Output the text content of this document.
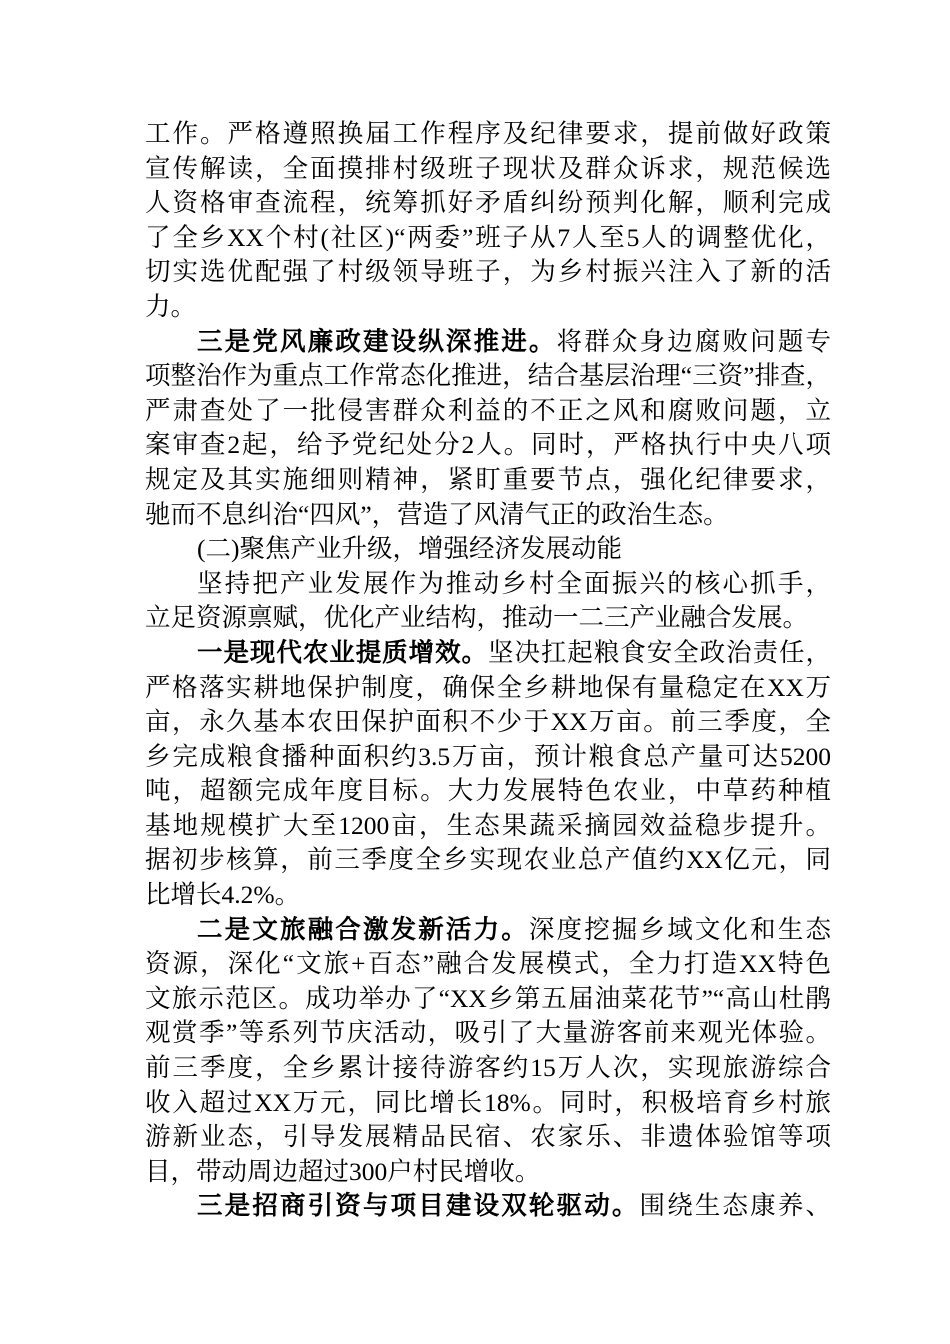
工作。严格遵照换届工作程序及纪律要求，提前做好政策
宣传解读，全面摸排村级班子现状及群众诉求，规范候选
人资格审查流程，统筹抓好矛盾纠纷预判化解，顺利完成
了全乡XX个村(社区)“两委”班子从7人至5人的调整优化，
切实选优配强了村级领导班子，为乡村振兴注入了新的活
力。
三是党风廉政建设纵深推进。将群众身边腐败问题专
项整治作为重点工作常态化推进，结合基层治理“三资”排查，
严肃查处了一批侵害群众利益的不正之风和腐败问题，立
案审查2起，给予党纪处分2人。同时，严格执行中央八项
规定及其实施细则精神，紧盯重要节点，强化纪律要求，
驰而不息纠治“四风”，营造了风清气正的政治生态。
(二)聚焦产业升级，增强经济发展动能
坚持把产业发展作为推动乡村全面振兴的核心抓手，
立足资源禀赋，优化产业结构，推动一二三产业融合发展。
一是现代农业提质增效。坚决扛起粮食安全政治责任，
严格落实耕地保护制度，确保全乡耕地保有量稳定在XX万
亩，永久基本农田保护面积不少于XX万亩。前三季度，全
乡完成粮食播种面积约3.5万亩，预计粮食总产量可达5200
吨，超额完成年度目标。大力发展特色农业，中草药种植
基地规模扩大至1200亩，生态果蔬采摘园效益稳步提升。
据初步核算，前三季度全乡实现农业总产值约XX亿元，同
比增长4.2%。
二是文旅融合激发新活力。深度挖掘乡域文化和生态
资源，深化“文旅+百态”融合发展模式，全力打造XX特色
文旅示范区。成功举办了“XX乡第五届油菜花节”“高山杜鹃
观赏季”等系列节庆活动，吸引了大量游客前来观光体验。
前三季度，全乡累计接待游客约15万人次，实现旅游综合
收入超过XX万元，同比增长18%。同时，积极培育乡村旅
游新业态，引导发展精品民宿、农家乐、非遗体验馆等项
目，带动周边超过300户村民增收。
三是招商引资与项目建设双轮驱动。围绕生态康养、
